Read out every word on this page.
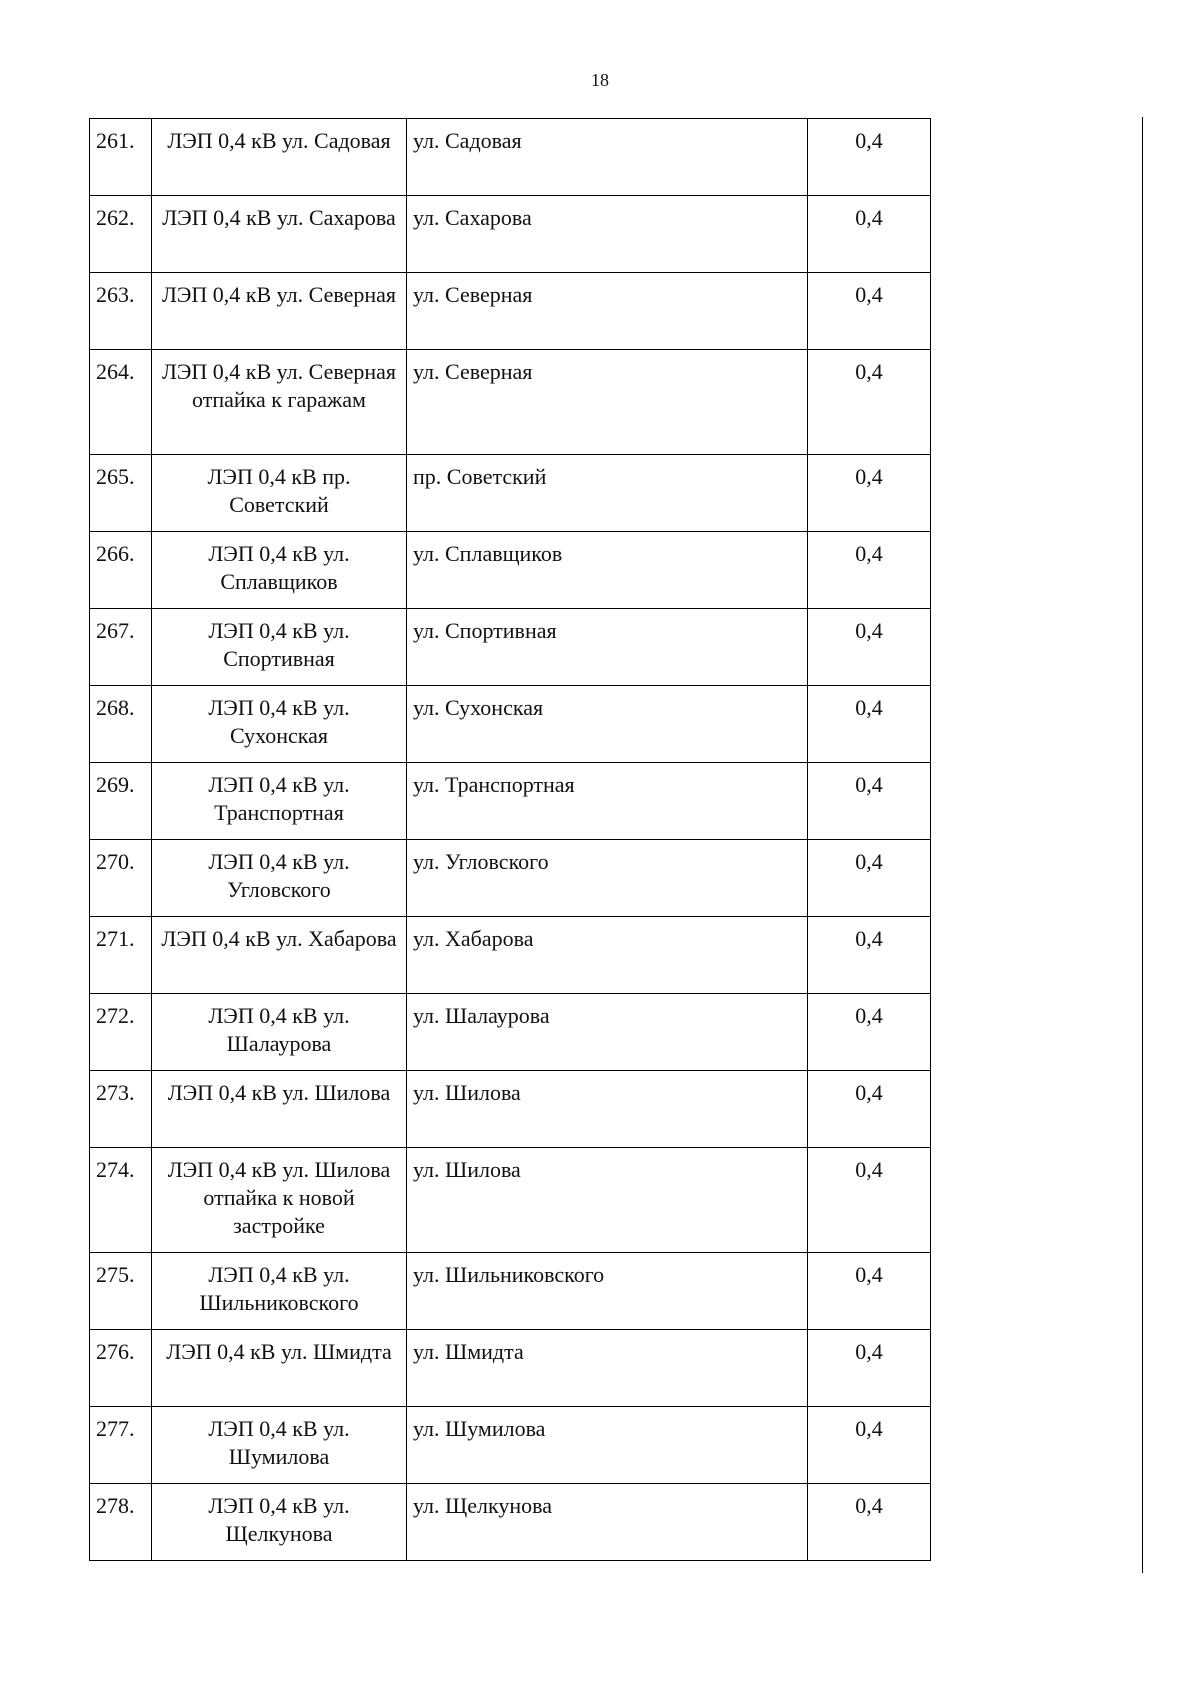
18
261.	ЛЭП 0,4 кВ ул. Садовая	ул. Садовая	0,4
262.	ЛЭП 0,4 кВ ул. Сахарова	ул. Сахарова	0,4
263.	ЛЭП 0,4 кВ ул. Северная	ул. Северная	0,4
264.	ЛЭП 0,4 кВ ул. Северная отпайка к гаражам	ул. Северная	0,4
265.	ЛЭП 0,4 кВ пр. Советский	пр. Советский	0,4
266.	ЛЭП 0,4 кВ ул. Сплавщиков	ул. Сплавщиков	0,4
267.	ЛЭП 0,4 кВ ул. Спортивная	ул. Спортивная	0,4
268.	ЛЭП 0,4 кВ ул. Сухонская	ул. Сухонская	0,4
269.	ЛЭП 0,4 кВ ул. Транспортная	ул. Транспортная	0,4
270.	ЛЭП 0,4 кВ ул. Угловского	ул. Угловского	0,4
271.	ЛЭП 0,4 кВ ул. Хабарова	ул. Хабарова	0,4
272.	ЛЭП 0,4 кВ ул. Шалаурова	ул. Шалаурова	0,4
273.	ЛЭП 0,4 кВ ул. Шилова	ул. Шилова	0,4
274.	ЛЭП 0,4 кВ ул. Шилова отпайка к новой застройке	ул. Шилова	0,4
275.	ЛЭП 0,4 кВ ул. Шильниковского	ул. Шильниковского	0,4
276.	ЛЭП 0,4 кВ ул. Шмидта	ул. Шмидта	0,4
277.	ЛЭП 0,4 кВ ул. Шумилова	ул. Шумилова	0,4
278.	ЛЭП 0,4 кВ ул. Щелкунова	ул. Щелкунова	0,4
